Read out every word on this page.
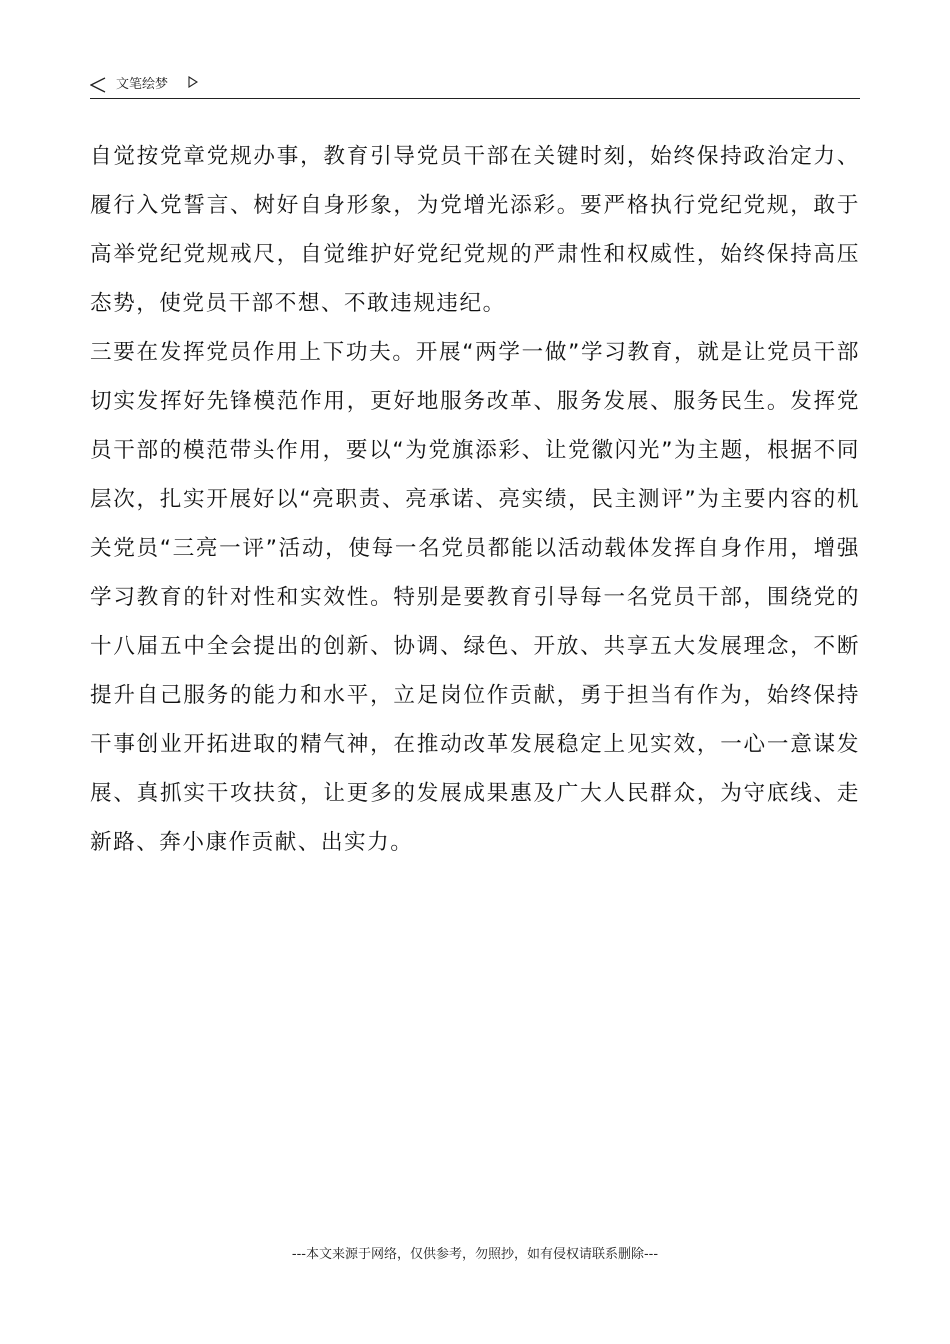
文笔绘梦

自觉按党章党规办事，教育引导党员干部在关键时刻，始终保持政治定力、履行入党誓言、树好自身形象，为党增光添彩。要严格执行党纪党规，敢于高举党纪党规戒尺，自觉维护好党纪党规的严肃性和权威性，始终保持高压态势，使党员干部不想、不敢违规违纪。

三要在发挥党员作用上下功夫。开展“两学一做”学习教育，就是让党员干部切实发挥好先锋模范作用，更好地服务改革、服务发展、服务民生。发挥党员干部的模范带头作用，要以“为党旗添彩、让党徽闪光”为主题，根据不同层次，扎实开展好以“亮职责、亮承诺、亮实绩，民主测评”为主要内容的机关党员“三亮一评”活动，使每一名党员都能以活动载体发挥自身作用，增强学习教育的针对性和实效性。特别是要教育引导每一名党员干部，围绕党的十八届五中全会提出的创新、协调、绿色、开放、共享五大发展理念，不断提升自己服务的能力和水平，立足岗位作贡献，勇于担当有作为，始终保持干事创业开拓进取的精气神，在推动改革发展稳定上见实效，一心一意谋发展、真抓实干攻扶贫，让更多的发展成果惠及广大人民群众，为守底线、走新路、奔小康作贡献、出实力。

---本文来源于网络，仅供参考，勿照抄，如有侵权请联系删除---
